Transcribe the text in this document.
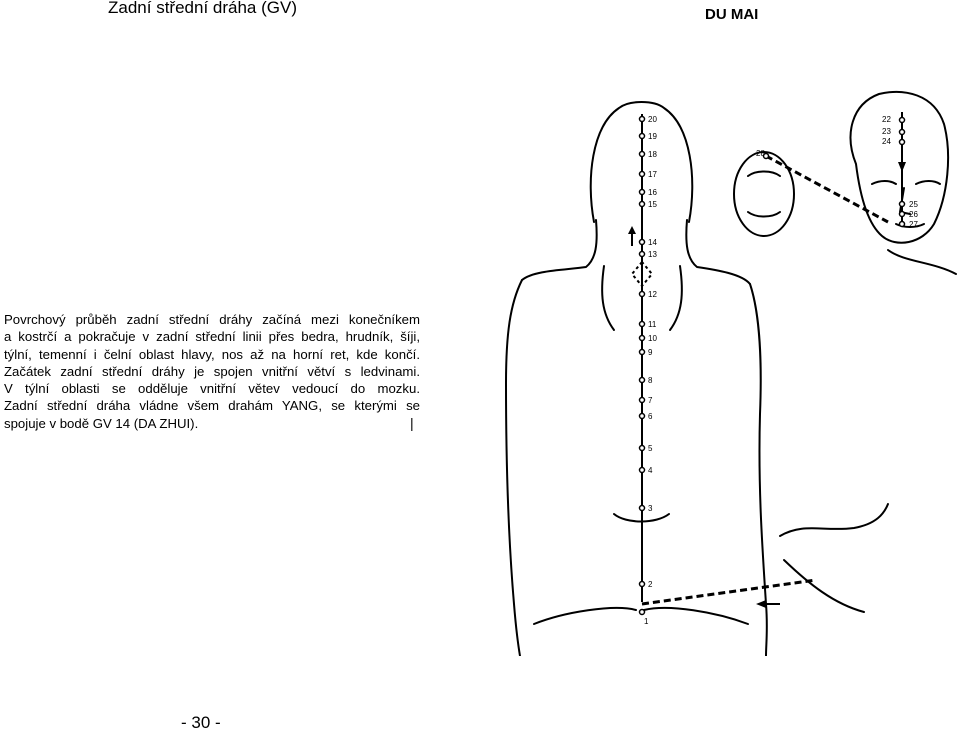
Zadní střední dráha (GV)	DU MAI

Povrchový průběh zadní střední dráhy začíná mezi konečníkem

a kostrčí a pokračuje v zadní střední linii přes bedra, hrudník, šíji,

týlní, temenní i čelní oblast hlavy, nos až na horní ret, kde končí.

Začátek zadní střední dráhy je spojen vnitřní větví s ledvinami.

V týlní oblasti se odděluje vnitřní větev vedoucí do mozku.

Zadní střední dráha vládne všem drahám YANG, se kterými se

spojuje v bodě GV 14 (DA ZHUI).	|
20
19
18
17
16
15
14
13
12
11
10
9
8
7
6
5
4
3
2
1
22
23
24
25
26
27
28
- 30 -
